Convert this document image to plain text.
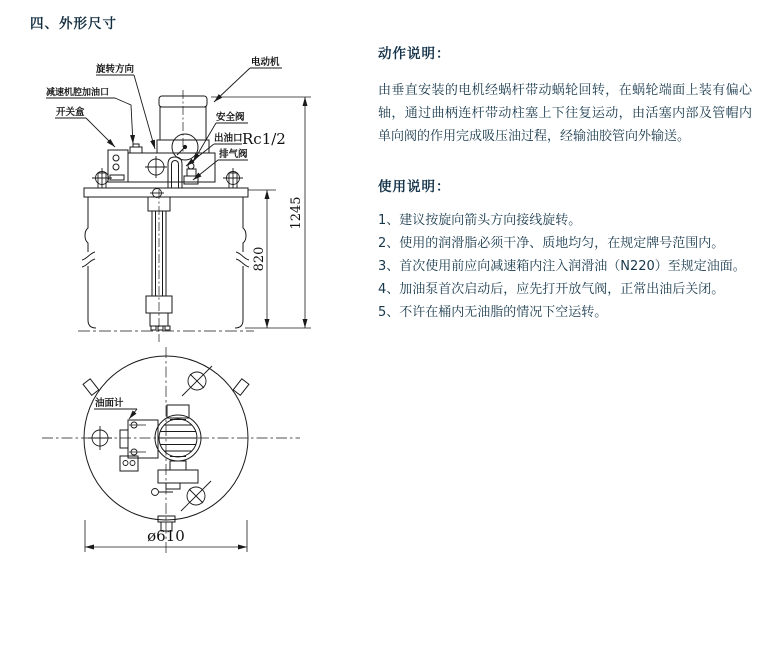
四、外形尺寸
旋转方向
电动机
减速机腔加油口
开关盒	安全阀
出油口 Rc1/2
排气阀
820
1245
油面计
ø610
动作说明：

由垂直安装的电机经蜗杆带动蜗轮回转，在蜗轮端面上装有偏心轴，通过曲柄连杆带动柱塞上下往复运动，由活塞内部及管帽内单向阀的作用完成吸压油过程，经输油胶管向外输送。

使用说明：
1、建议按旋向箭头方向接线旋转。
2、使用的润滑脂必须干净、质地均匀，在规定牌号范围内。
3、首次使用前应向减速箱内注入润滑油（N220）至规定油面。
4、加油泵首次启动后，应先打开放气阀，正常出油后关闭。
5、不许在桶内无油脂的情况下空运转。
